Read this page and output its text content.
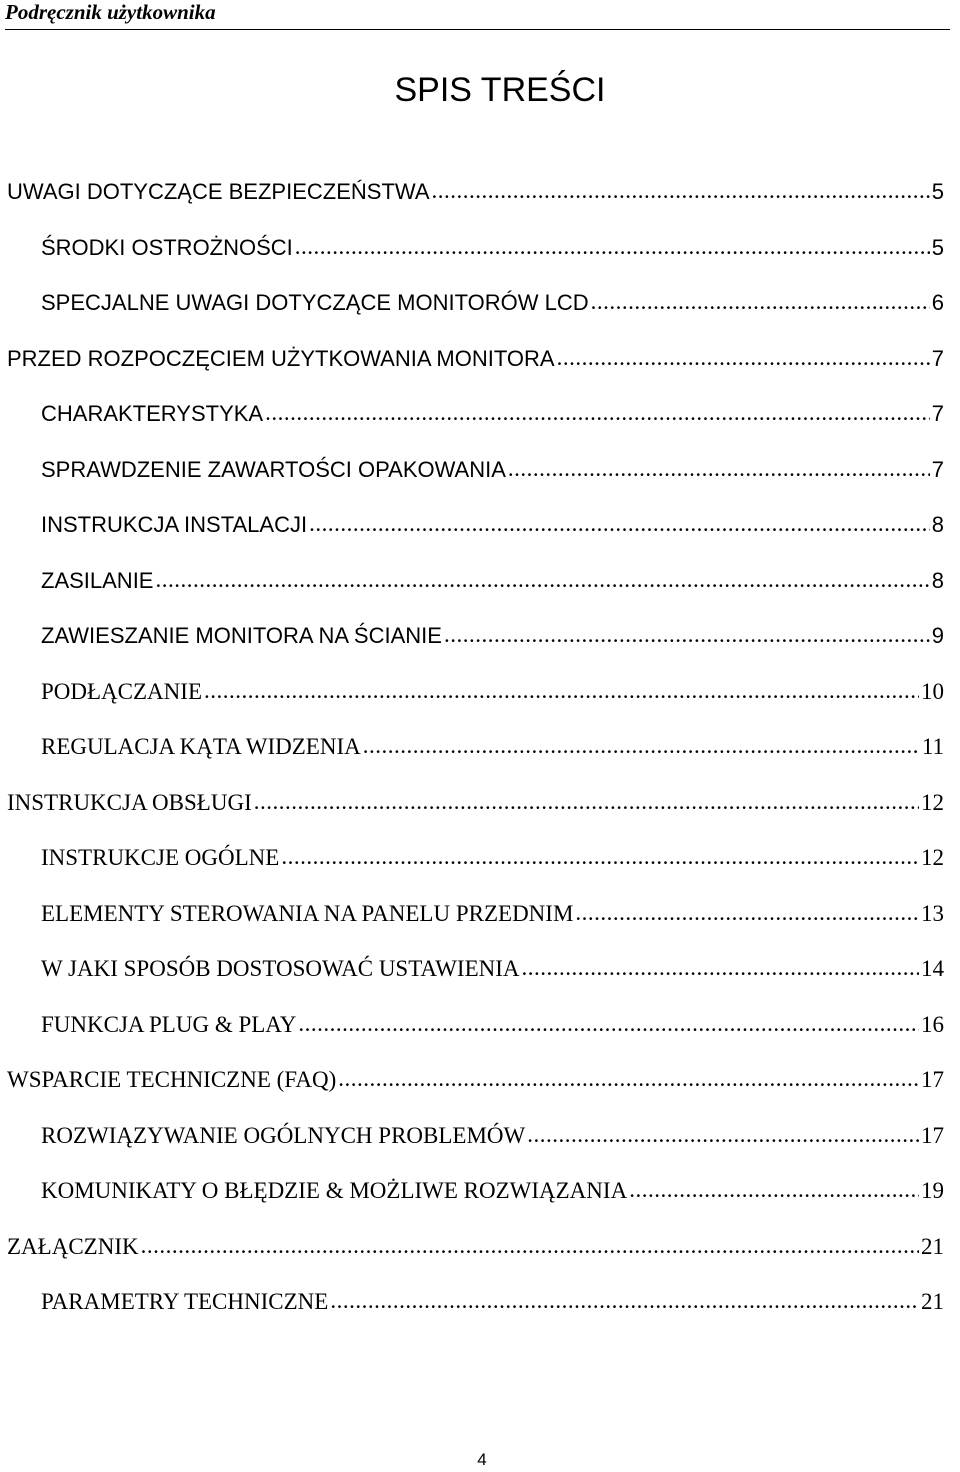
Podręcznik użytkownika
SPIS TREŚCI
UWAGI DOTYCZĄCE BEZPIECZEŃSTWA .....	5
ŚRODKI OSTROŻNOŚCI .....	5
SPECJALNE UWAGI DOTYCZĄCE MONITORÓW LCD .....	6
PRZED ROZPOCZĘCIEM UŻYTKOWANIA MONITORA .....	7
CHARAKTERYSTYKA .....	7
SPRAWDZENIE ZAWARTOŚCI OPAKOWANIA .....	7
INSTRUKCJA INSTALACJI .....	8
ZASILANIE .....	8
ZAWIESZANIE MONITORA NA ŚCIANIE .....	9
PODŁĄCZANIE .....	10
REGULACJA KĄTA WIDZENIA .....	11
INSTRUKCJA OBSŁUGI .....	12
INSTRUKCJE OGÓLNE .....	12
ELEMENTY STEROWANIA NA PANELU PRZEDNIM .....	13
W JAKI SPOSÓB DOSTOSOWAĆ USTAWIENIA .....	14
FUNKCJA PLUG & PLAY .....	16
WSPARCIE TECHNICZNE (FAQ) .....	17
ROZWIĄZYWANIE OGÓLNYCH PROBLEMÓW .....	17
KOMUNIKATY O BŁĘDZIE & MOŻLIWE ROZWIĄZANIA .....	19
ZAŁĄCZNIK .....	21
PARAMETRY TECHNICZNE .....	21
4
